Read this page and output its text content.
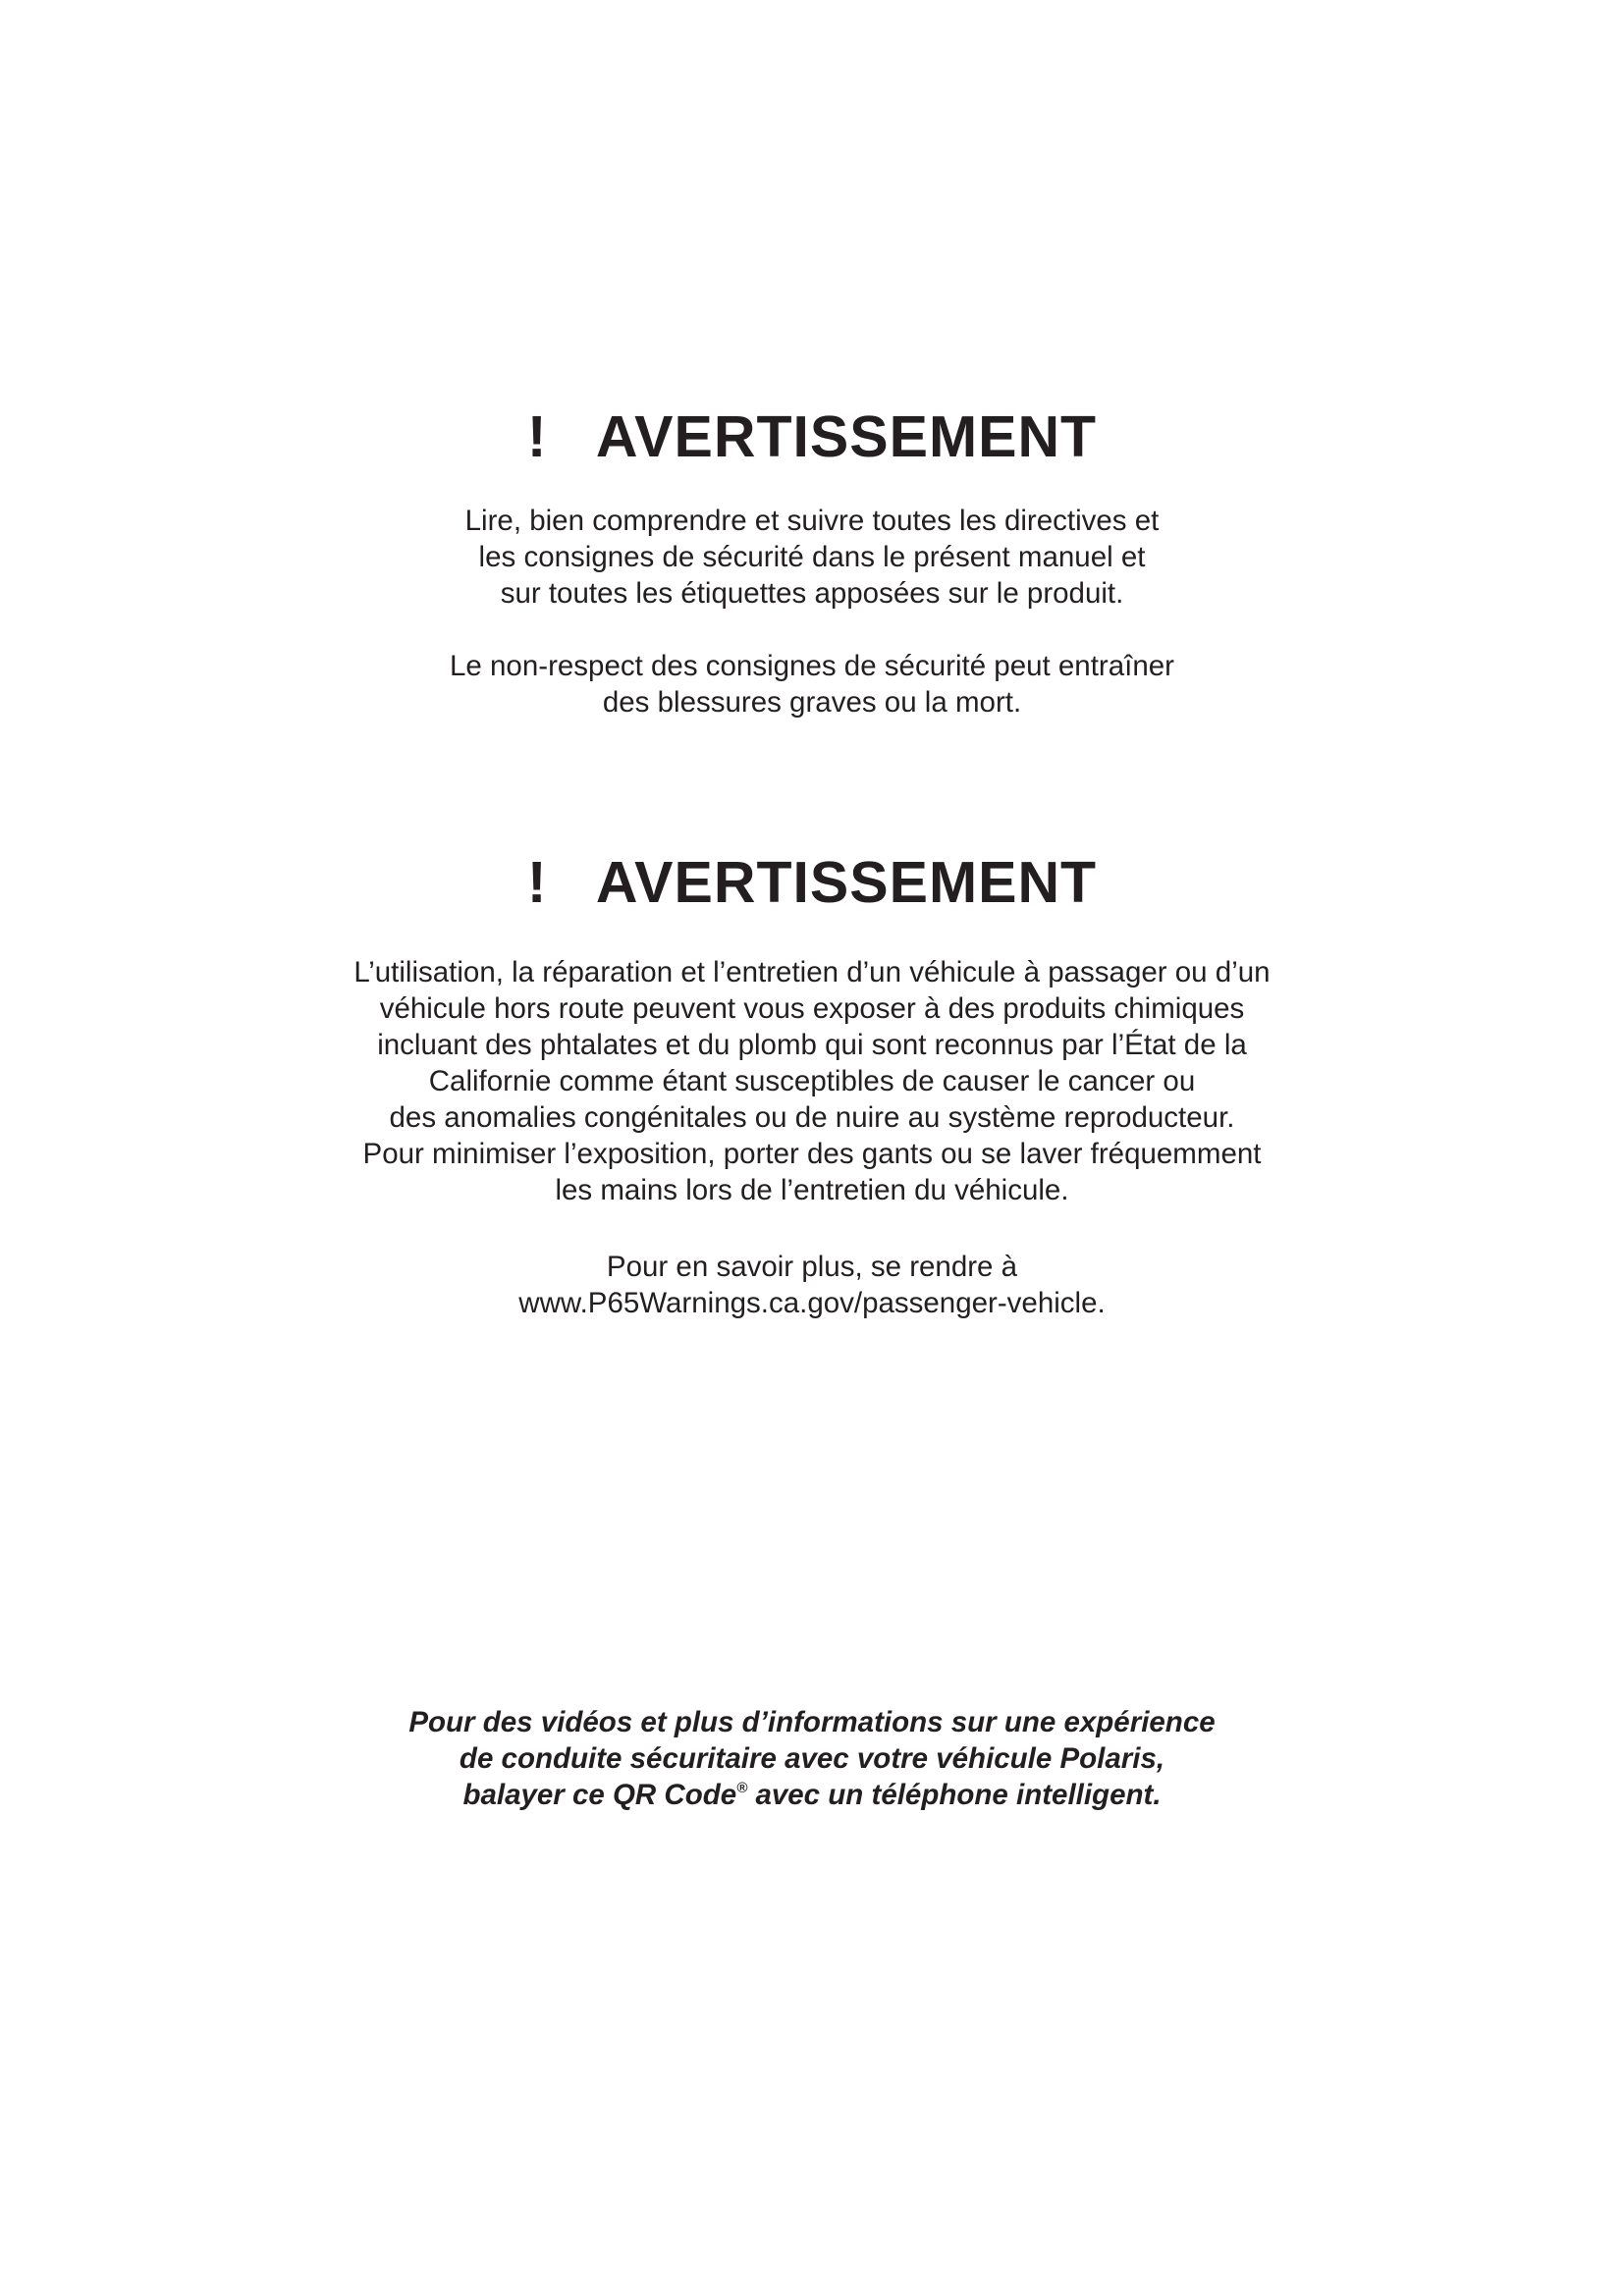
! AVERTISSEMENT

Lire, bien comprendre et suivre toutes les directives et
les consignes de sécurité dans le présent manuel et
sur toutes les étiquettes apposées sur le produit.

Le non-respect des consignes de sécurité peut entraîner
des blessures graves ou la mort.

! AVERTISSEMENT

L’utilisation, la réparation et l’entretien d’un véhicule à passager ou d’un
véhicule hors route peuvent vous exposer à des produits chimiques
incluant des phtalates et du plomb qui sont reconnus par l’État de la
Californie comme étant susceptibles de causer le cancer ou
des anomalies congénitales ou de nuire au système reproducteur.
Pour minimiser l’exposition, porter des gants ou se laver fréquemment
les mains lors de l’entretien du véhicule.

Pour en savoir plus, se rendre à
www.P65Warnings.ca.gov/passenger-vehicle.

Pour des vidéos et plus d’informations sur une expérience
de conduite sécuritaire avec votre véhicule Polaris,
balayer ce QR Code® avec un téléphone intelligent.
